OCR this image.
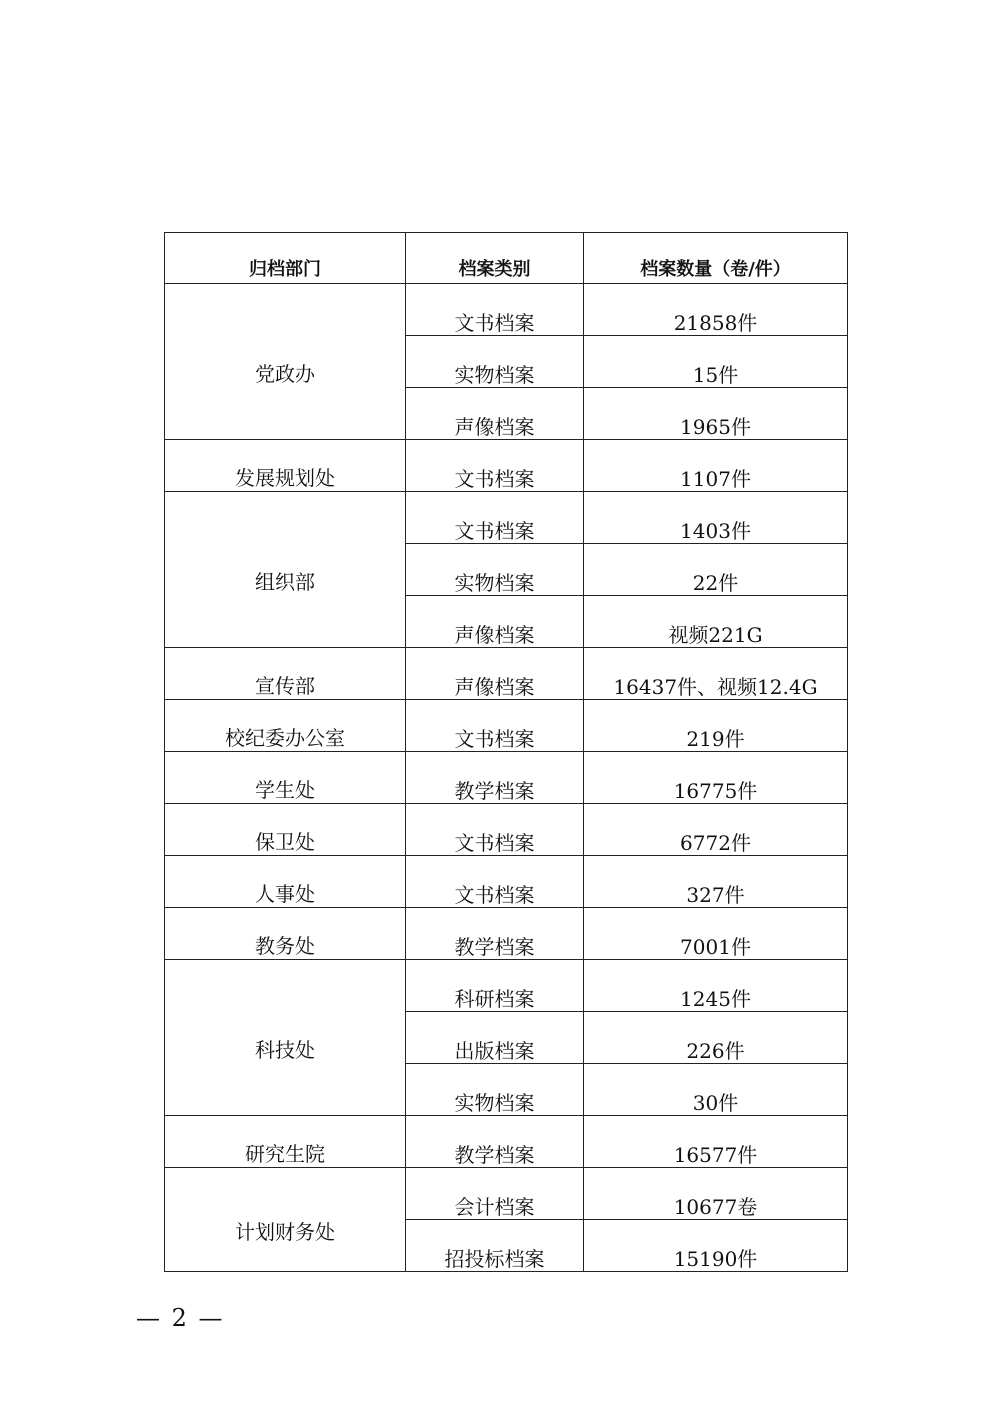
归档部门	档案类别	档案数量（卷/件）
党政办	文书档案	21858件
	实物档案	15件
	声像档案	1965件
发展规划处	文书档案	1107件
组织部	文书档案	1403件
	实物档案	22件
	声像档案	视频221G
宣传部	声像档案	16437件、视频12.4G
校纪委办公室	文书档案	219件
学生处	教学档案	16775件
保卫处	文书档案	6772件
人事处	文书档案	327件
教务处	教学档案	7001件
科技处	科研档案	1245件
	出版档案	226件
	实物档案	30件
研究生院	教学档案	16577件
计划财务处	会计档案	10677卷
	招投标档案	15190件
— 2 —
